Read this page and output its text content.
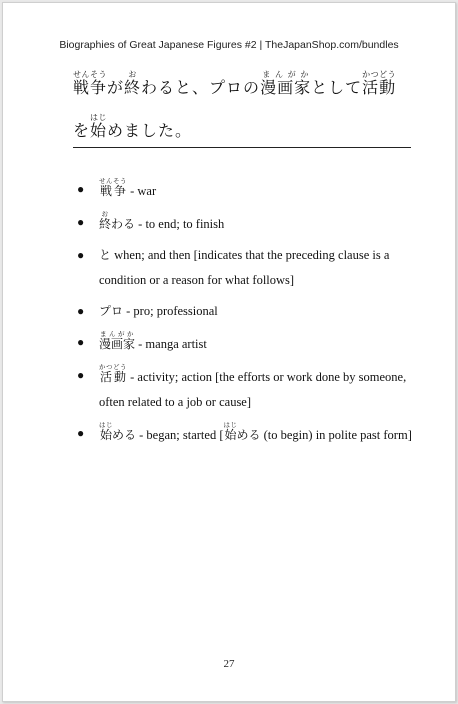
Biographies of Great Japanese Figures #2 | TheJapanShop.com/bundles
戦争せんそうが終おわると、プロの漫画家まんがかとして活動かつどう
を始はじめました。
● 戦争せんそう - war
● 終おわる - to end; to finish
● と when; and then [indicates that the preceding clause is a condition or a reason for what follows]
● プロ - pro; professional
● 漫画家まんがか - manga artist
● 活動かつどう - activity; action [the efforts or work done by someone, often related to a job or cause]
● 始はじめる - began; started [始はじめる (to begin) in polite past form]
27
